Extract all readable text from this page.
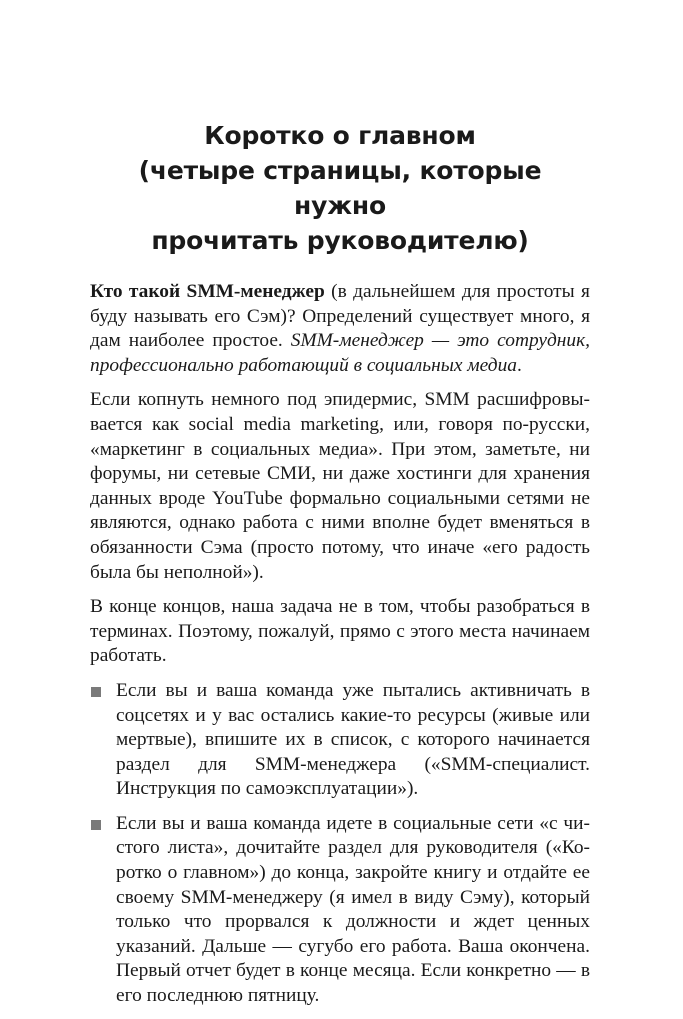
Коротко о главном
(четыре страницы, которые нужно
прочитать руководителю)

Кто такой SMM-менеджер (в дальнейшем для простоты я буду называть его Сэм)? Определений существует много, я дам наиболее простое. SMM-менеджер — это сотрудник, профессионально работающий в социальных медиа.

Если копнуть немного под эпидермис, SMM расшифровывается как social media marketing, или, говоря по-русски, «маркетинг в социальных медиа». При этом, заметьте, ни форумы, ни сетевые СМИ, ни даже хостинги для хранения данных вроде YouTube формально социальными сетями не являются, однако работа с ними вполне будет вменяться в обязанности Сэма (просто потому, что иначе «его радость была бы неполной»).

В конце концов, наша задача не в том, чтобы разобраться в терминах. Поэтому, пожалуй, прямо с этого места начинаем работать.

Если вы и ваша команда уже пытались активничать в соцсетях и у вас остались какие-то ресурсы (живые или мертвые), впишите их в список, с которого начинается раздел для SMM-менеджера («SMM-специалист. Инструкция по самоэксплуатации»).
Если вы и ваша команда идете в социальные сети «с чистого листа», дочитайте раздел для руководителя («Коротко о главном») до конца, закройте книгу и отдайте ее своему SMM-менеджеру (я имел в виду Сэму), который только что прорвался к должности и ждет ценных указаний. Дальше — сугубо его работа. Ваша окончена. Первый отчет будет в конце месяца. Если конкретно — в его последнюю пятницу.
